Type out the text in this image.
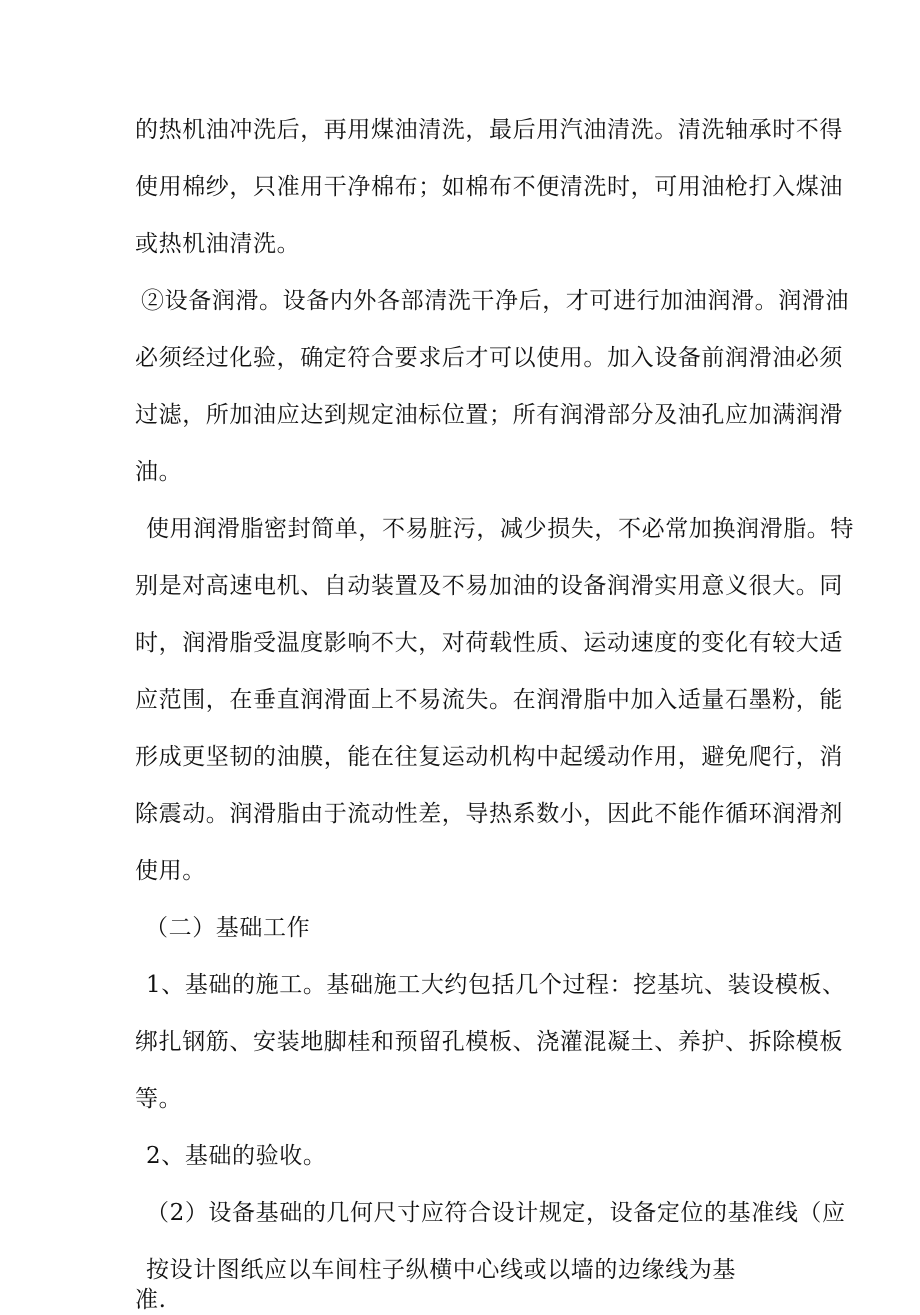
的热机油冲洗后，再用煤油清洗，最后用汽油清洗。清洗轴承时不得
使用棉纱，只准用干净棉布；如棉布不便清洗时，可用油枪打入煤油
或热机油清洗。
②设备润滑。设备内外各部清洗干净后，才可进行加油润滑。润滑油
必须经过化验，确定符合要求后才可以使用。加入设备前润滑油必须
过滤，所加油应达到规定油标位置；所有润滑部分及油孔应加满润滑
油。
使用润滑脂密封简单，不易脏污，减少损失，不必常加换润滑脂。特
别是对高速电机、自动装置及不易加油的设备润滑实用意义很大。同
时，润滑脂受温度影响不大，对荷载性质、运动速度的变化有较大适
应范围，在垂直润滑面上不易流失。在润滑脂中加入适量石墨粉，能
形成更坚韧的油膜，能在往复运动机构中起缓动作用，避免爬行，消
除震动。润滑脂由于流动性差，导热系数小，因此不能作循环润滑剂
使用。
（二）基础工作
1、基础的施工。基础施工大约包括几个过程：挖基坑、装设模板、
绑扎钢筋、安装地脚桂和预留孔模板、浇灌混凝土、养护、拆除模板
等。
2、基础的验收。
（2）设备基础的几何尺寸应符合设计规定，设备定位的基准线（应
按设计图纸应以车间柱子纵横中心线或以墙的边缘线为基
准.
